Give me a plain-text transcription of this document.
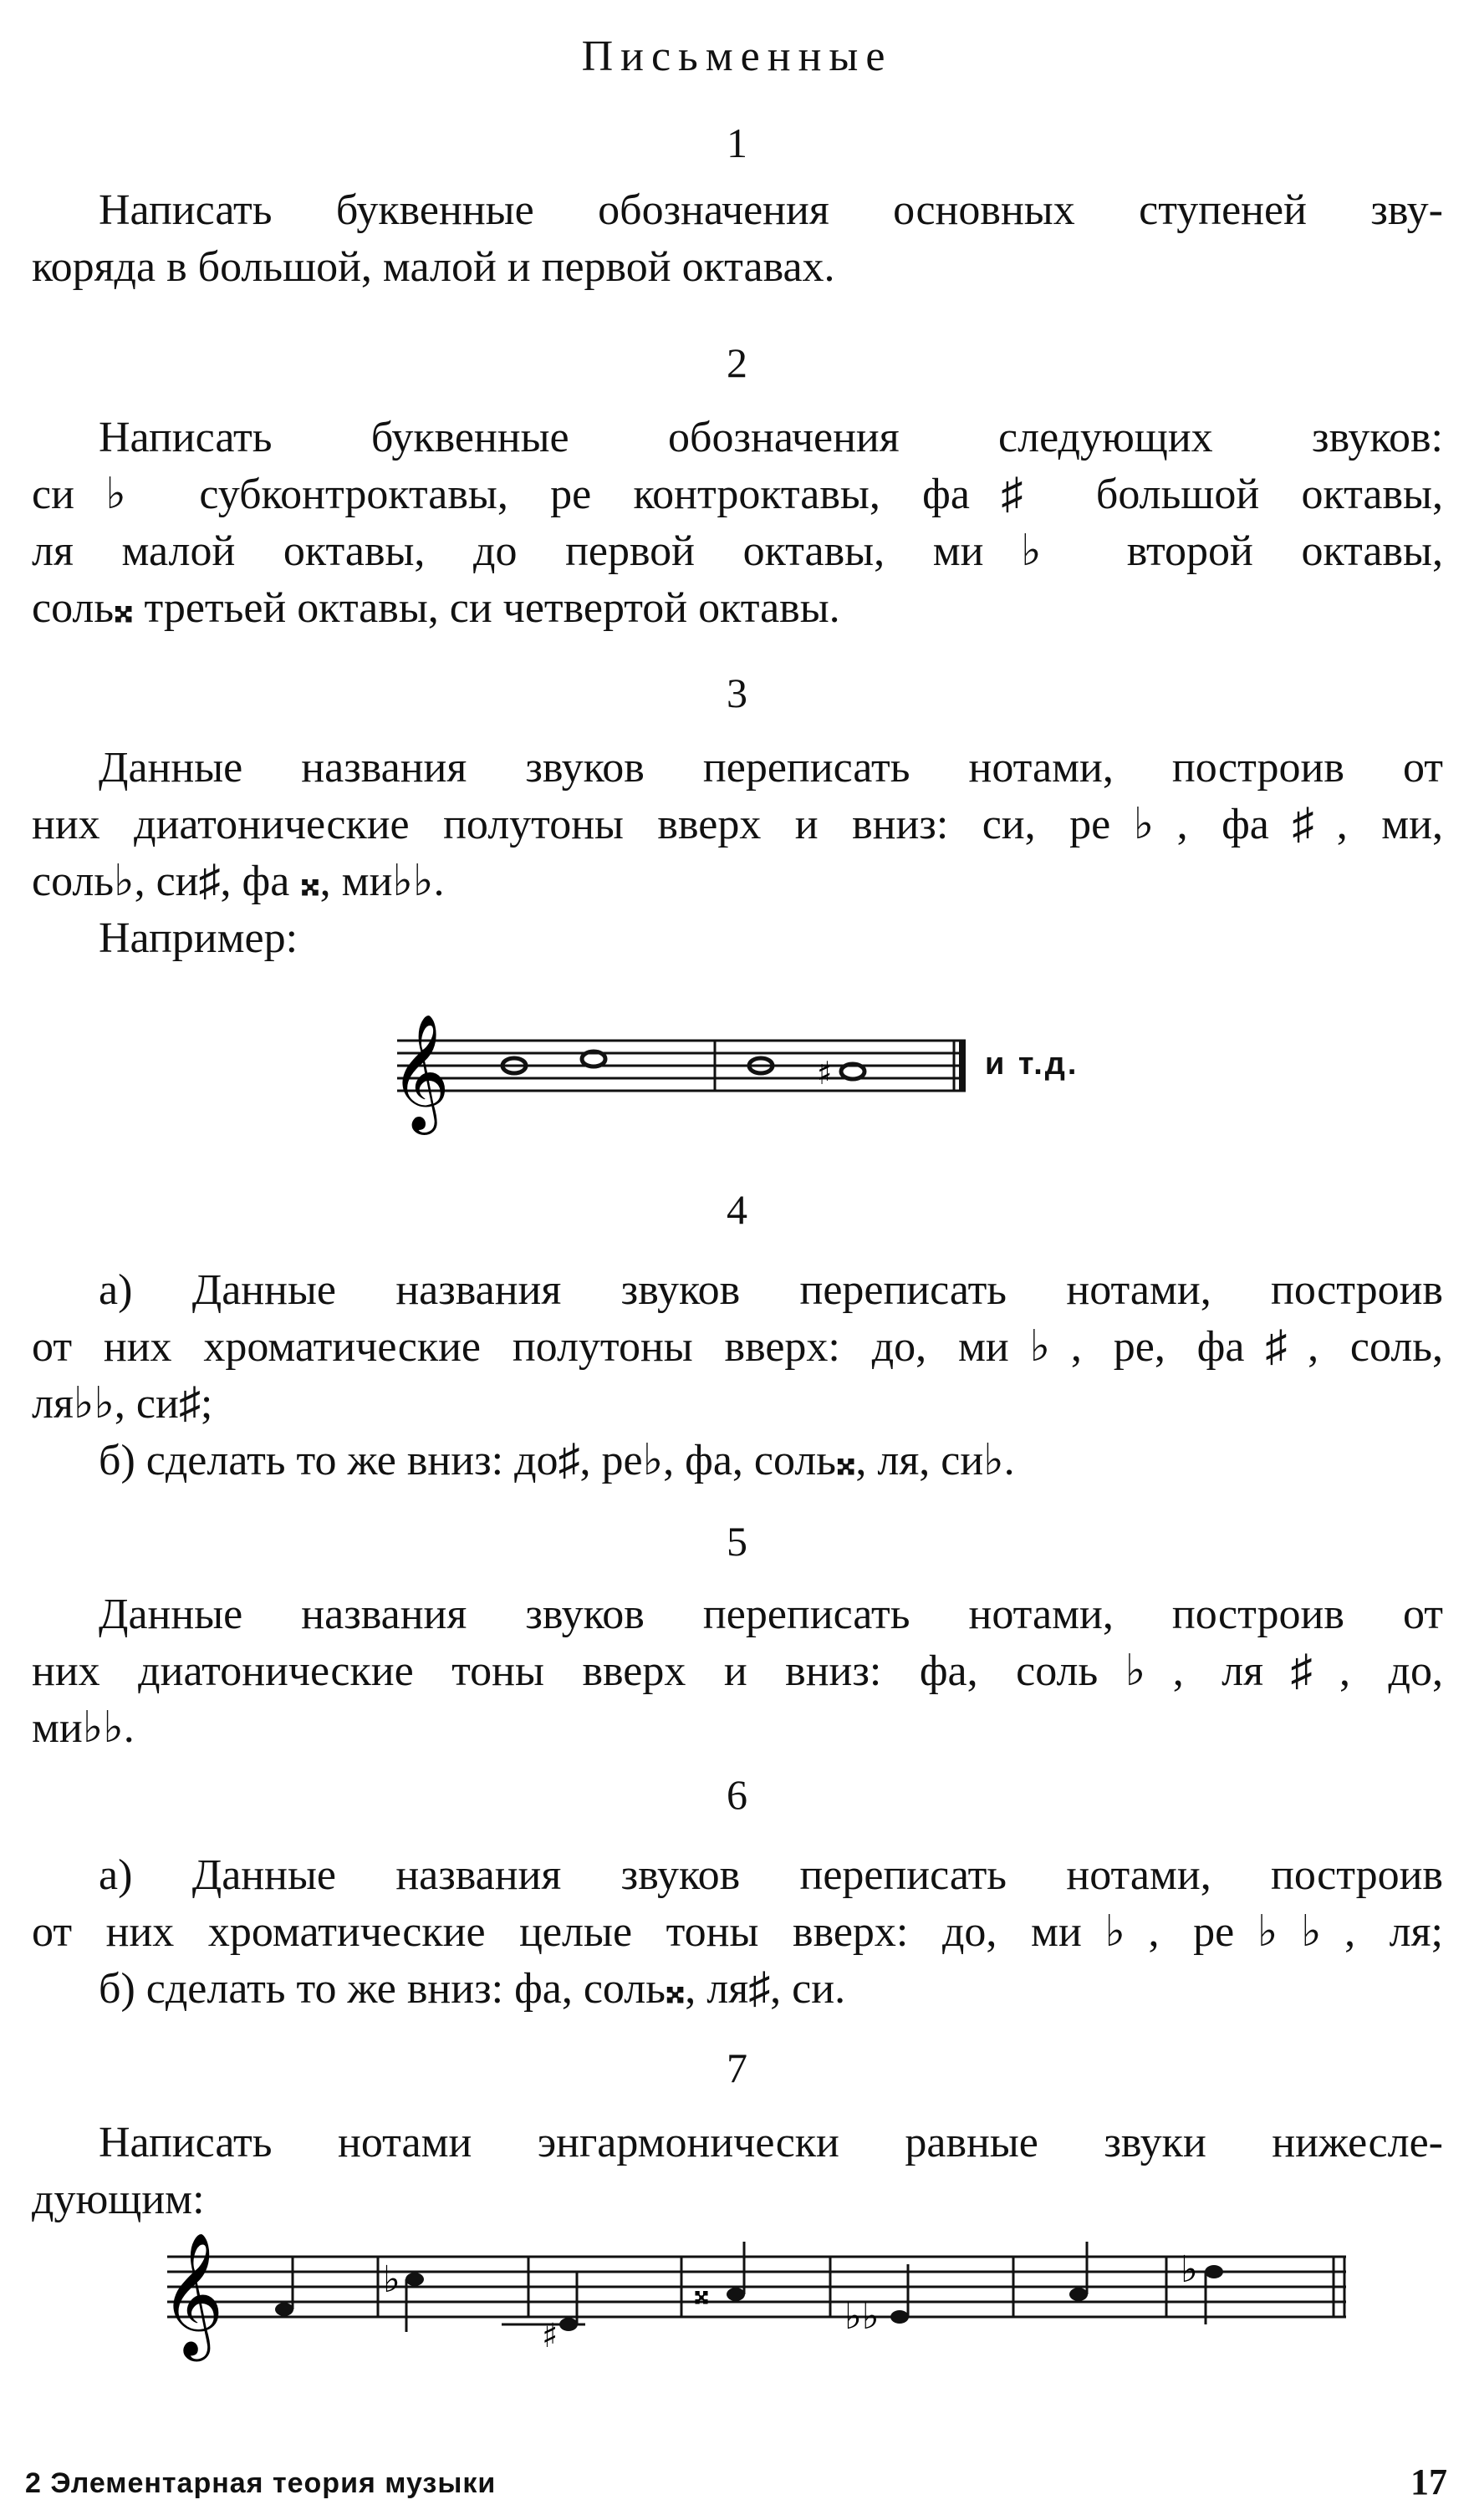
Письменные
1
Написать буквенные обозначения основных ступеней зву-
коряда в большой, малой и первой октавах.
2
Написать буквенные обозначения следующих звуков:
си♭ субконтроктавы, ре контроктавы, фа♯ большой октавы,
ля малой октавы, до первой октавы, ми♭ второй октавы,
соль𝄪 третьей октавы, си четвертой октавы.
3
Данные названия звуков переписать нотами, построив от
них диатонические полутоны вверх и вниз: си, ре♭, фа♯, ми,
соль♭, си♯, фа 𝄪, ми♭♭.
Например:
𝄞	♯	и т.д.
4
а) Данные названия звуков переписать нотами, построив
от них хроматические полутоны вверх: до, ми♭, ре, фа♯, соль,
ля♭♭, си♯;
б) сделать то же вниз: до♯, ре♭, фа, соль𝄪, ля, си♭.
5
Данные названия звуков переписать нотами, построив от
них диатонические тоны вверх и вниз: фа, соль♭, ля♯, до,
ми♭♭.
6
а) Данные названия звуков переписать нотами, построив
от них хроматические целые тоны вверх: до, ми♭, ре♭♭, ля;
б) сделать то же вниз: фа, соль𝄪, ля♯, си.
7
Написать нотами энгармонически равные звуки нижесле-
дующим:
𝄞	♭
♯
𝄪
♭♭
♭
2 Элементарная теория музыки	17
